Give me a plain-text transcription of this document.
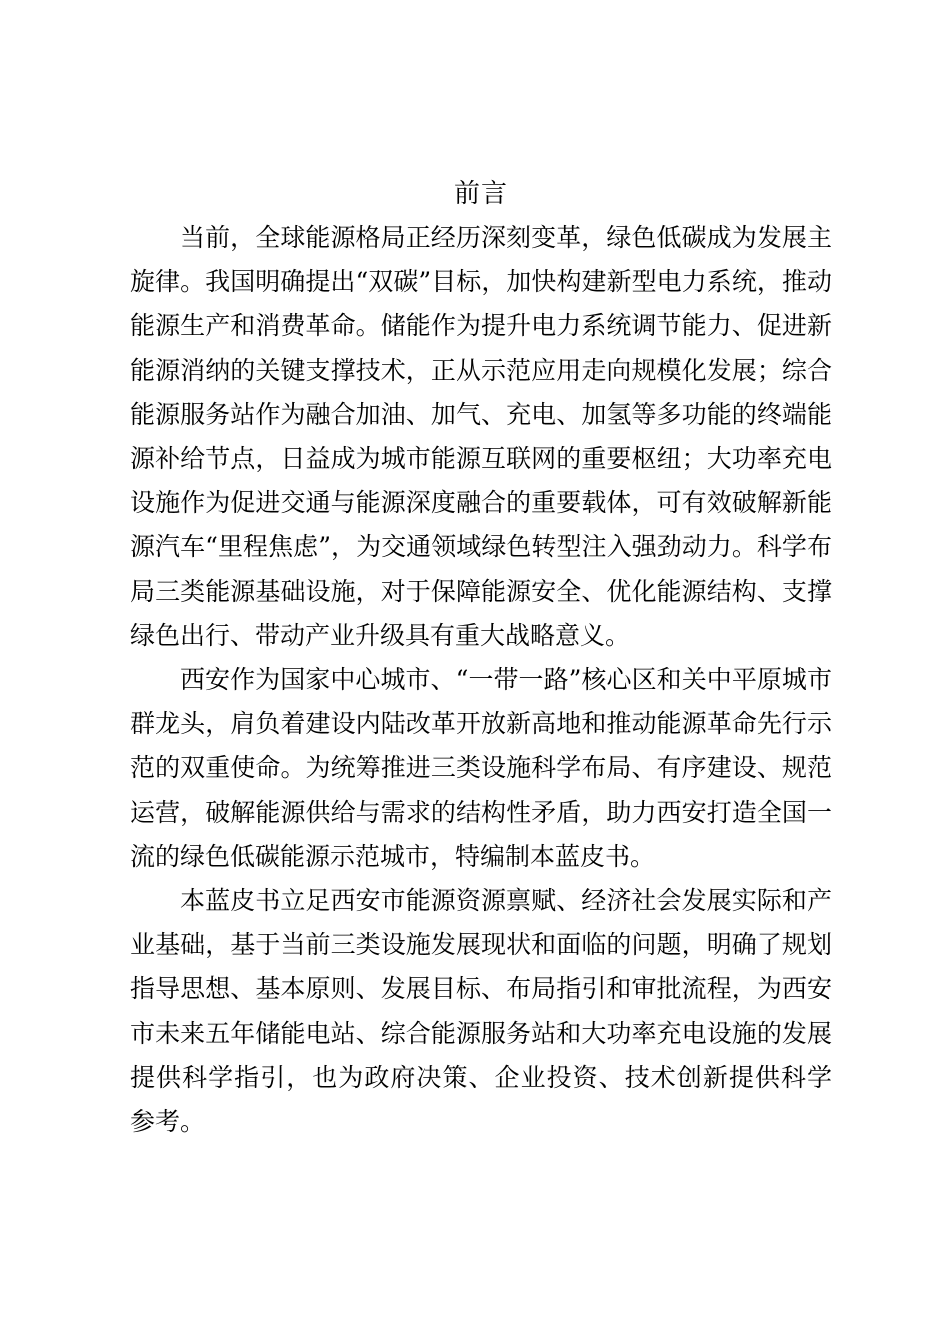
前言
当前，全球能源格局正经历深刻变革，绿色低碳成为发展主
旋律。我国明确提出“双碳”目标，加快构建新型电力系统，推动
能源生产和消费革命。储能作为提升电力系统调节能力、促进新
能源消纳的关键支撑技术，正从示范应用走向规模化发展；综合
能源服务站作为融合加油、加气、充电、加氢等多功能的终端能
源补给节点，日益成为城市能源互联网的重要枢纽；大功率充电
设施作为促进交通与能源深度融合的重要载体，可有效破解新能
源汽车“里程焦虑”，为交通领域绿色转型注入强劲动力。科学布
局三类能源基础设施，对于保障能源安全、优化能源结构、支撑
绿色出行、带动产业升级具有重大战略意义。
西安作为国家中心城市、“一带一路”核心区和关中平原城市
群龙头，肩负着建设内陆改革开放新高地和推动能源革命先行示
范的双重使命。为统筹推进三类设施科学布局、有序建设、规范
运营，破解能源供给与需求的结构性矛盾，助力西安打造全国一
流的绿色低碳能源示范城市，特编制本蓝皮书。
本蓝皮书立足西安市能源资源禀赋、经济社会发展实际和产
业基础，基于当前三类设施发展现状和面临的问题，明确了规划
指导思想、基本原则、发展目标、布局指引和审批流程，为西安
市未来五年储能电站、综合能源服务站和大功率充电设施的发展
提供科学指引，也为政府决策、企业投资、技术创新提供科学
参考。
